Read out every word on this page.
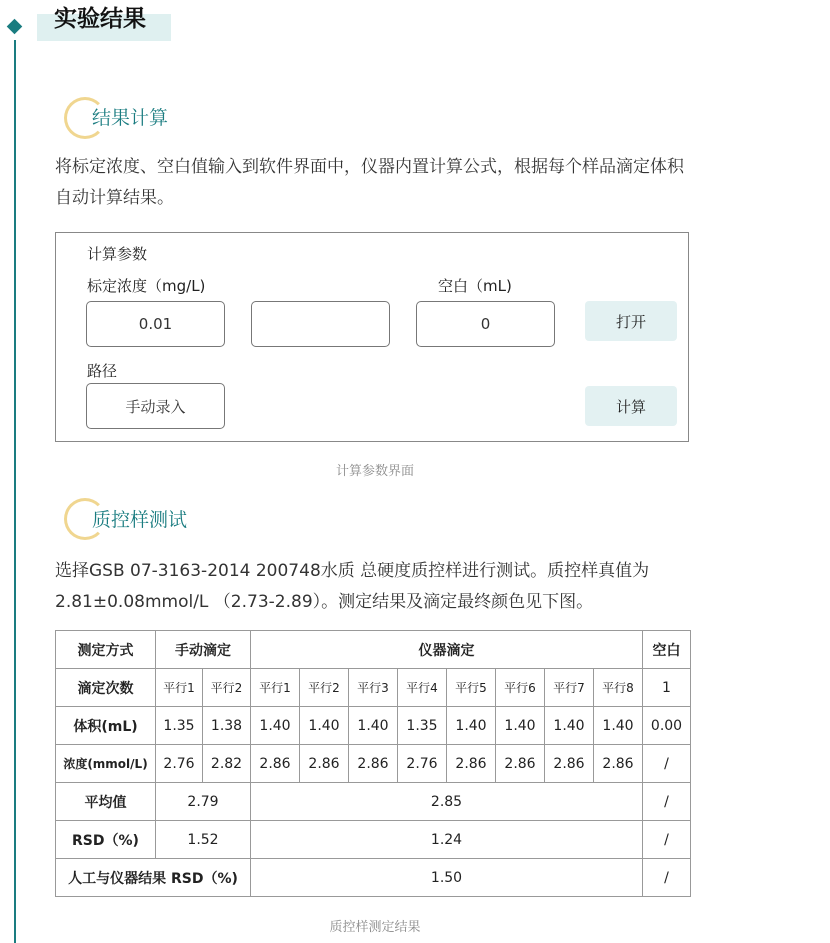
实验结果
结果计算
将标定浓度、空白值输入到软件界面中，仪器内置计算公式，根据每个样品滴定体积自动计算结果。
计算参数
标定浓度（mg/L)	空白（mL)
0.01	0	打开
路径
手动录入	计算
计算参数界面
质控样测试
选择GSB 07-3163-2014 200748水质 总硬度质控样进行测试。质控样真值为2.81±0.08mmol/L （2.73-2.89）。测定结果及滴定最终颜色见下图。
测定方式	手动滴定		仪器滴定								空白
滴定次数	平行1	平行2	平行1	平行2	平行3	平行4	平行5	平行6	平行7	平行8	1
体积(mL)	1.35	1.38	1.40	1.40	1.40	1.35	1.40	1.40	1.40	1.40	0.00
浓度(mmol/L)	2.76	2.82	2.86	2.86	2.86	2.76	2.86	2.86	2.86	2.86	/
平均值	2.79		2.85								/
RSD（%)	1.52		1.24								/
人工与仪器结果 RSD（%)			1.50								/
质控样测定结果
